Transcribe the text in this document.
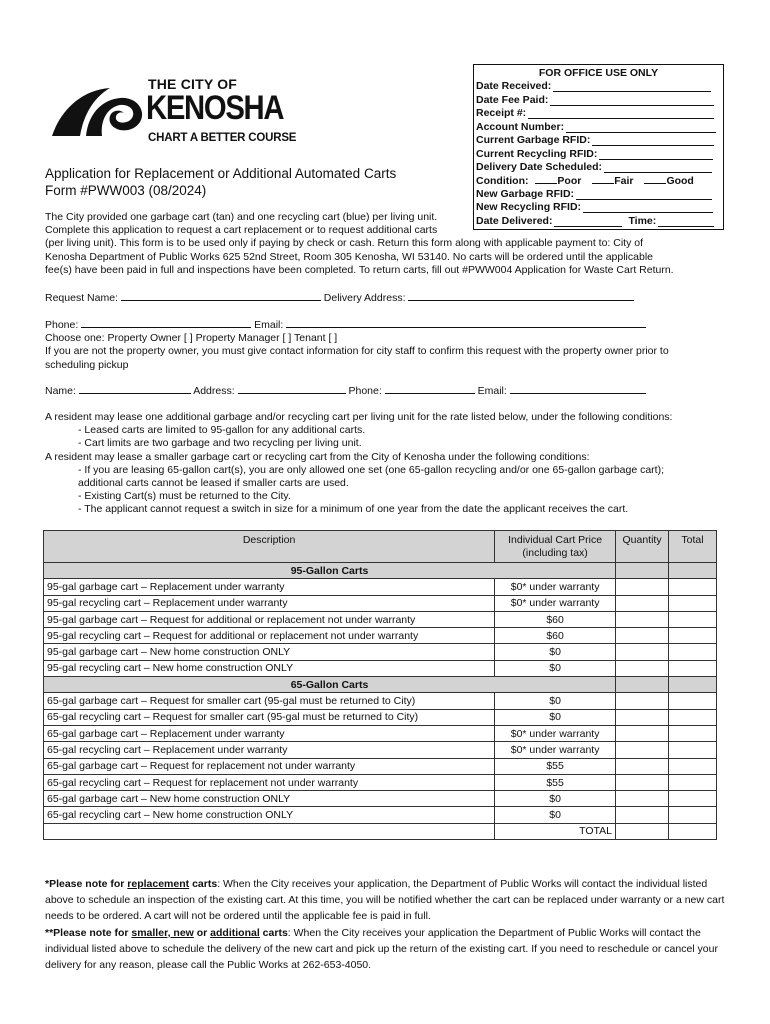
THE CITY OF
KENOSHA
CHART A BETTER COURSE
FOR OFFICE USE ONLY
Date Received:
Date Fee Paid:
Receipt #:
Account Number:
Current Garbage RFID:
Current Recycling RFID:
Delivery Date Scheduled:
Condition:	Poor	Fair	Good
New Garbage RFID:
New Recycling RFID:
Date Delivered:	Time:
Application for Replacement or Additional Automated Carts
Form #PWW003 (08/2024)
The City provided one garbage cart (tan) and one recycling cart (blue) per living unit.
Complete this application to request a cart replacement or to request additional carts
(per living unit). This form is to be used only if paying by check or cash. Return this form along with applicable payment to: City of
Kenosha Department of Public Works 625 52nd Street, Room 305 Kenosha, WI 53140. No carts will be ordered until the applicable
fee(s) have been paid in full and inspections have been completed. To return carts, fill out #PWW004 Application for Waste Cart Return.
Request Name:	Delivery Address:
Phone:	Email:
Choose one: Property Owner [ ] Property Manager [ ] Tenant [ ]
If you are not the property owner, you must give contact information for city staff to confirm this request with the property owner prior to
scheduling pickup
Name:	Address:	Phone:	Email:
A resident may lease one additional garbage and/or recycling cart per living unit for the rate listed below, under the following conditions:
- Leased carts are limited to 95-gallon for any additional carts.
- Cart limits are two garbage and two recycling per living unit.
A resident may lease a smaller garbage cart or recycling cart from the City of Kenosha under the following conditions:
- If you are leasing 65-gallon cart(s), you are only allowed one set (one 65-gallon recycling and/or one 65-gallon garbage cart);
additional carts cannot be leased if smaller carts are used.
- Existing Cart(s) must be returned to the City.
- The applicant cannot request a switch in size for a minimum of one year from the date the applicant receives the cart.
Description	Individual Cart Price
(including tax)	Quantity	Total
95-Gallon Carts			
95-gal garbage cart – Replacement under warranty	$0* under warranty		
95-gal recycling cart – Replacement under warranty	$0* under warranty		
95-gal garbage cart – Request for additional or replacement not under warranty	$60		
95-gal recycling cart – Request for additional or replacement not under warranty	$60		
95-gal garbage cart – New home construction ONLY	$0		
95-gal recycling cart – New home construction ONLY	$0		
65-Gallon Carts			
65-gal garbage cart – Request for smaller cart (95-gal must be returned to City)	$0		
65-gal recycling cart – Request for smaller cart (95-gal must be returned to City)	$0		
65-gal garbage cart – Replacement under warranty	$0* under warranty		
65-gal recycling cart – Replacement under warranty	$0* under warranty		
65-gal garbage cart – Request for replacement not under warranty	$55		
65-gal recycling cart – Request for replacement not under warranty	$55		
65-gal garbage cart – New home construction ONLY	$0		
65-gal recycling cart – New home construction ONLY	$0		
	TOTAL		
*Please note for replacement carts: When the City receives your application, the Department of Public Works will contact the individual listed above to schedule an inspection of the existing cart. At this time, you will be notified whether the cart can be replaced under warranty or a new cart needs to be ordered. A cart will not be ordered until the applicable fee is paid in full.
**Please note for smaller, new or additional carts: When the City receives your application the Department of Public Works will contact the individual listed above to schedule the delivery of the new cart and pick up the return of the existing cart. If you need to reschedule or cancel your delivery for any reason, please call the Public Works at 262-653-4050.
